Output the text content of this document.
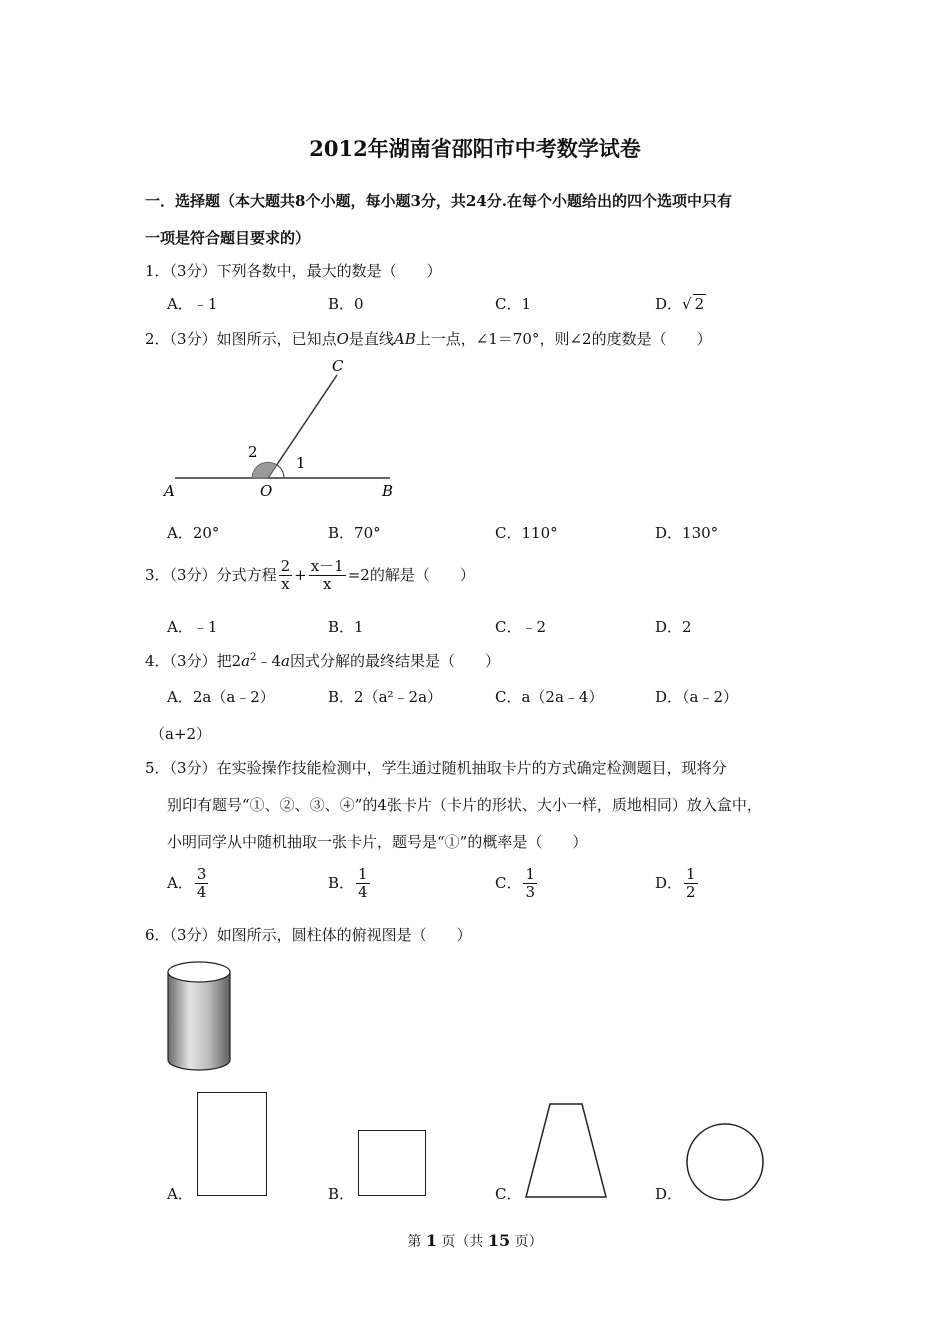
2012年湖南省邵阳市中考数学试卷
一．选择题（本大题共8个小题，每小题3分，共24分.在每个小题给出的四个选项中只有
一项是符合题目要求的）
1．（3分）下列各数中，最大的数是（　　）
A．﹣1	B．0	C．1	D．√ 2
2．（3分）如图所示，已知点O是直线AB上一点，∠1＝70°，则∠2的度数是（　　）
C
A	O	B
1
2
A．20°	B．70°	C．110°	D．130°
3．（3分）分式方程 $\frac{2}{x} + \frac{x-1}{x} =2$的解是（　　）
A．﹣1	B．1	C．﹣2	D．2
4．（3分）把$2a^2﹣4a$因式分解的最终结果是（　　）
A．2a（a﹣2）	B．2（a²﹣2a）	C．a（2a﹣4）	D．（a﹣2）
（a+2）
5．（3分）在实验操作技能检测中，学生通过随机抽取卡片的方式确定检测题目，现将分
别印有题号“①、②、③、④”的4张卡片（卡片的形状、大小一样，质地相同）放入盒中，
小明同学从中随机抽取一张卡片，题号是“①”的概率是（　　）
A． $\frac{3}{4}$	B． $\frac{1}{4}$	C． $\frac{1}{3}$	D． $\frac{1}{2}$
6．（3分）如图所示，圆柱体的俯视图是（　　）
A．	B．	C．	D．
第 1 页（共 15 页）
